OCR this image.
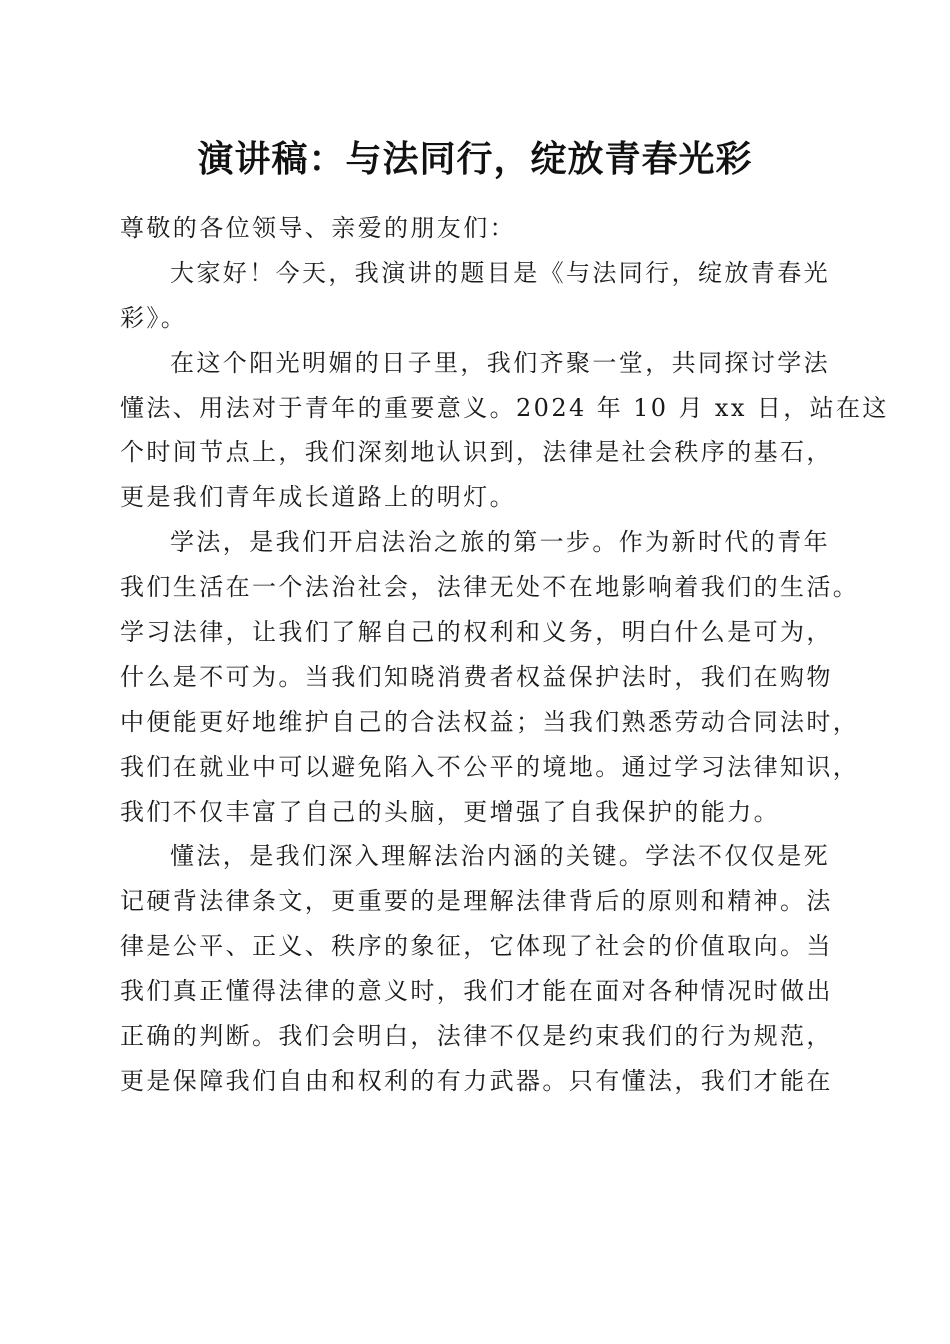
演讲稿：与法同行，绽放青春光彩
尊敬的各位领导、亲爱的朋友们：
大家好！今天，我演讲的题目是《与法同行，绽放青春光
彩》。
在这个阳光明媚的日子里，我们齐聚一堂，共同探讨学法
懂法、用法对于青年的重要意义。2024 年 10 月 xx 日，站在这
个时间节点上，我们深刻地认识到，法律是社会秩序的基石，
更是我们青年成长道路上的明灯。
学法，是我们开启法治之旅的第一步。作为新时代的青年
我们生活在一个法治社会，法律无处不在地影响着我们的生活。
学习法律，让我们了解自己的权利和义务，明白什么是可为，
什么是不可为。当我们知晓消费者权益保护法时，我们在购物
中便能更好地维护自己的合法权益；当我们熟悉劳动合同法时，
我们在就业中可以避免陷入不公平的境地。通过学习法律知识，
我们不仅丰富了自己的头脑，更增强了自我保护的能力。
懂法，是我们深入理解法治内涵的关键。学法不仅仅是死
记硬背法律条文，更重要的是理解法律背后的原则和精神。法
律是公平、正义、秩序的象征，它体现了社会的价值取向。当
我们真正懂得法律的意义时，我们才能在面对各种情况时做出
正确的判断。我们会明白，法律不仅是约束我们的行为规范，
更是保障我们自由和权利的有力武器。只有懂法，我们才能在
